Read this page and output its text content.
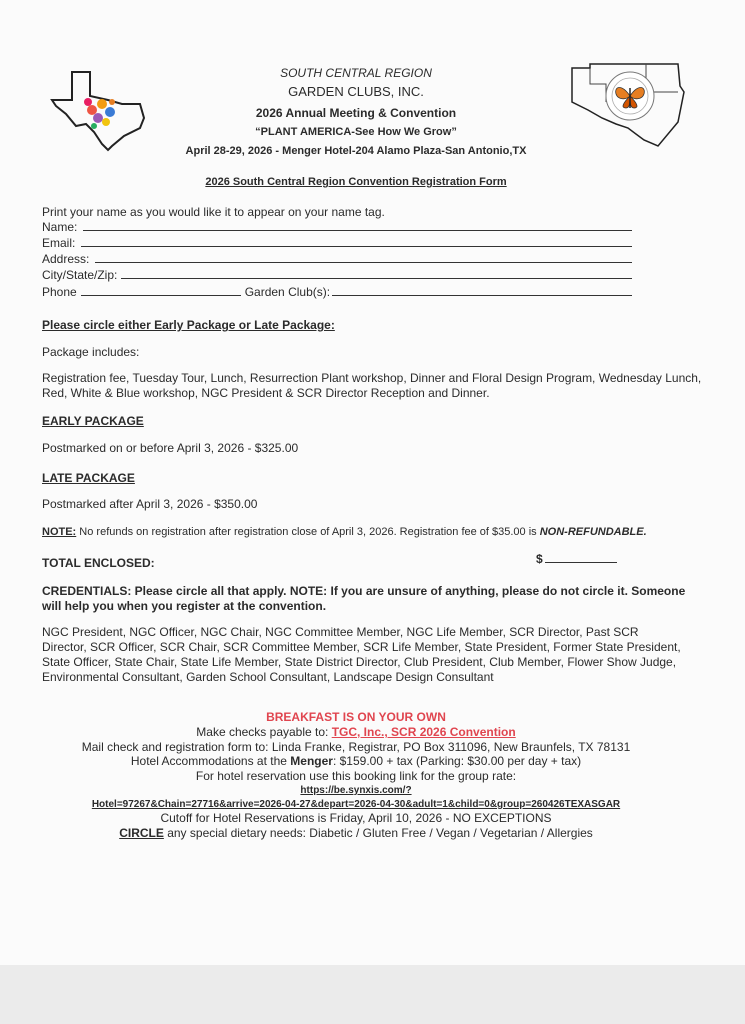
SOUTH CENTRAL REGION
GARDEN CLUBS, INC.
2026 Annual Meeting & Convention
“PLANT AMERICA-See How We Grow”
April 28-29, 2026 - Menger Hotel-204 Alamo Plaza-San Antonio,TX
2026 South Central Region Convention Registration Form
Print your name as you would like it to appear on your name tag.
Name:
Email:
Address:
City/State/Zip:
Phone	Garden Club(s):
Please circle either Early Package or Late Package:
Package includes:
Registration fee, Tuesday Tour, Lunch, Resurrection Plant workshop, Dinner and Floral Design Program, Wednesday Lunch, Red, White & Blue workshop, NGC President & SCR Director Reception and Dinner.
EARLY PACKAGE
Postmarked on or before April 3, 2026 - $325.00
LATE PACKAGE
Postmarked after April 3, 2026 - $350.00
NOTE: No refunds on registration after registration close of April 3, 2026. Registration fee of $35.00 is NON-REFUNDABLE.
TOTAL ENCLOSED:	$
CREDENTIALS: Please circle all that apply. NOTE: If you are unsure of anything, please do not circle it. Someone will help you when you register at the convention.
NGC President, NGC Officer, NGC Chair, NGC Committee Member, NGC Life Member, SCR Director, Past SCR Director, SCR Officer, SCR Chair, SCR Committee Member, SCR Life Member, State President, Former State President, State Officer, State Chair, State Life Member, State District Director, Club President, Club Member, Flower Show Judge, Environmental Consultant, Garden School Consultant, Landscape Design Consultant
BREAKFAST IS ON YOUR OWN
Make checks payable to: TGC, Inc., SCR 2026 Convention
Mail check and registration form to: Linda Franke, Registrar, PO Box 311096, New Braunfels, TX 78131
Hotel Accommodations at the Menger: $159.00 + tax (Parking: $30.00 per day + tax)
For hotel reservation use this booking link for the group rate:
https://be.synxis.com/?
Hotel=97267&Chain=27716&arrive=2026-04-27&depart=2026-04-30&adult=1&child=0&group=260426TEXASGAR
Cutoff for Hotel Reservations is Friday, April 10, 2026 - NO EXCEPTIONS
CIRCLE any special dietary needs: Diabetic / Gluten Free / Vegan / Vegetarian / Allergies
